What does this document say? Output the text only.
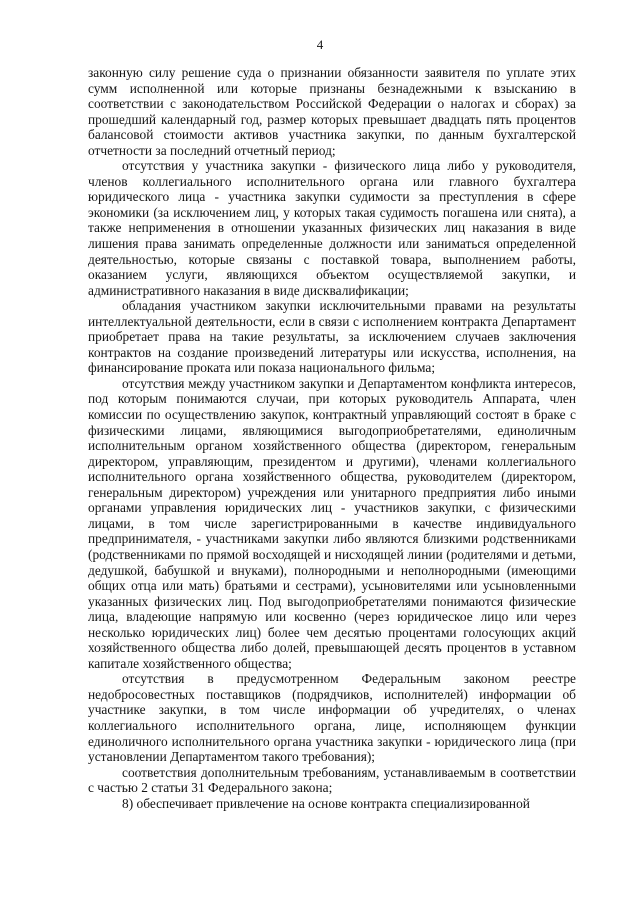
4

законную силу решение суда о признании обязанности заявителя по уплате этих сумм исполненной или которые признаны безнадежными к взысканию в соответствии с законодательством Российской Федерации о налогах и сборах) за прошедший календарный год, размер которых превышает двадцать пять процентов балансовой стоимости активов участника закупки, по данным бухгалтерской отчетности за последний отчетный период;

отсутствия у участника закупки - физического лица либо у руководителя, членов коллегиального исполнительного органа или главного бухгалтера юридического лица - участника закупки судимости за преступления в сфере экономики (за исключением лиц, у которых такая судимость погашена или снята), а также неприменения в отношении указанных физических лиц наказания в виде лишения права занимать определенные должности или заниматься определенной деятельностью, которые связаны с поставкой товара, выполнением работы, оказанием услуги, являющихся объектом осуществляемой закупки, и административного наказания в виде дисквалификации;

обладания участником закупки исключительными правами на результаты интеллектуальной деятельности, если в связи с исполнением контракта Департамент приобретает права на такие результаты, за исключением случаев заключения контрактов на создание произведений литературы или искусства, исполнения, на финансирование проката или показа национального фильма;

отсутствия между участником закупки и Департаментом конфликта интересов, под которым понимаются случаи, при которых руководитель Аппарата, член комиссии по осуществлению закупок, контрактный управляющий состоят в браке с физическими лицами, являющимися выгодоприобретателями, единоличным исполнительным органом хозяйственного общества (директором, генеральным директором, управляющим, президентом и другими), членами коллегиального исполнительного органа хозяйственного общества, руководителем (директором, генеральным директором) учреждения или унитарного предприятия либо иными органами управления юридических лиц - участников закупки, с физическими лицами, в том числе зарегистрированными в качестве индивидуального предпринимателя, - участниками закупки либо являются близкими родственниками (родственниками по прямой восходящей и нисходящей линии (родителями и детьми, дедушкой, бабушкой и внуками), полнородными и неполнородными (имеющими общих отца или мать) братьями и сестрами), усыновителями или усыновленными указанных физических лиц. Под выгодоприобретателями понимаются физические лица, владеющие напрямую или косвенно (через юридическое лицо или через несколько юридических лиц) более чем десятью процентами голосующих акций хозяйственного общества либо долей, превышающей десять процентов в уставном капитале хозяйственного общества;

отсутствия в предусмотренном Федеральным законом реестре недобросовестных поставщиков (подрядчиков, исполнителей) информации об участнике закупки, в том числе информации об учредителях, о членах коллегиального исполнительного органа, лице, исполняющем функции единоличного исполнительного органа участника закупки - юридического лица (при установлении Департаментом такого требования);

соответствия дополнительным требованиям, устанавливаемым в соответствии с частью 2 статьи 31 Федерального закона;

8) обеспечивает привлечение на основе контракта специализированной
